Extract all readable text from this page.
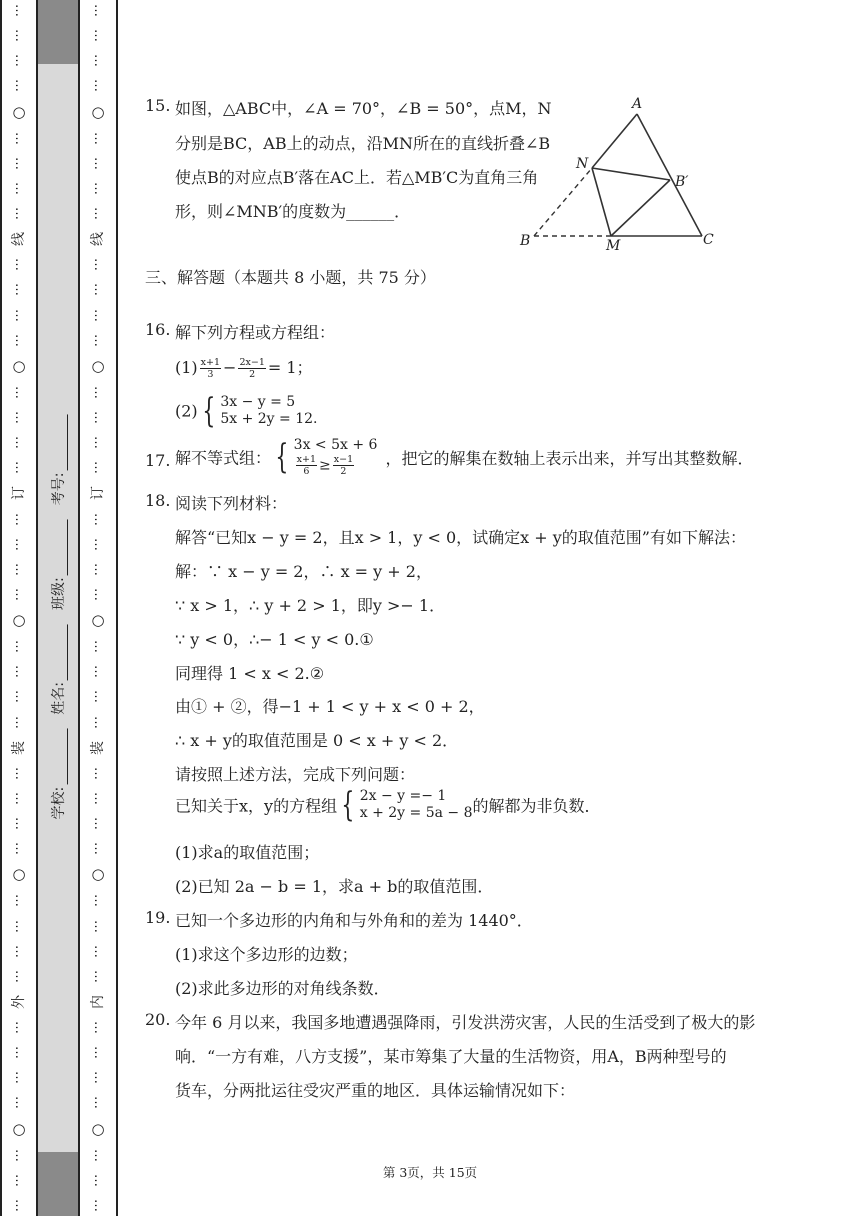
…
…
…
…
○
…
…
…
…
线
…
…
…
…
○
…
…
…
…
订
…
…
…
…
○
…
…
…
…
装
…
…
…
…
○
…
…
…
…
外
…
…
…
…
○
…
…
…
…
…
…
…
○
…
…
…
…
线
…
…
…
…
○
…
…
…
…
订
…
…
…
…
○
…
…
…
…
装
…
…
…
…
○
…
…
…
…
内
…
…
…
…
○
…
…
…
学校:姓名:班级:考号:
15. 如图，△ABC中，∠A = 70°，∠B = 50°，点M，N
分别是BC，AB上的动点，沿MN所在的直线折叠∠B
使点B的对应点B′落在AC上．若△MB′C为直角三角
形，则∠MNB′的度数为______．
A
N
B′
B	M	C
三、解答题（本题共 8 小题，共 75 分）
16. 解下列方程或方程组：
$(1) \frac{x+1}{3} - \frac{2x-1}{2} = 1$；
(2) { 3x − y = 5
5x + 2y = 12.
17. 解不等式组： { 3x < 5x + 6
$\frac{x+1}{6} \ge \frac{x-1}{2}$ ，把它的解集在数轴上表示出来，并写出其整数解．
18. 阅读下列材料：
解答“已知x − y = 2，且x > 1，y < 0，试确定x + y的取值范围”有如下解法：
解：∵ x − y = 2，∴ x = y + 2，
∵ x > 1，∴ y + 2 > 1，即y >− 1．
∵ y < 0，∴− 1 < y < 0.①
同理得 1 < x < 2.②
由① + ②，得−1 + 1 < y + x < 0 + 2，
∴ x + y的取值范围是 0 < x + y < 2．
请按照上述方法，完成下列问题：
已知关于x，y的方程组 { 2x − y =− 1
x + 2y = 5a − 8 的解都为非负数．
(1)求a的取值范围；
(2)已知 2a − b = 1，求a + b的取值范围．
19. 已知一个多边形的内角和与外角和的差为 1440°．
(1)求这个多边形的边数；
(2)求此多边形的对角线条数．
20. 今年 6 月以来，我国多地遭遇强降雨，引发洪涝灾害，人民的生活受到了极大的影
响．“一方有难，八方支援”，某市筹集了大量的生活物资，用A，B两种型号的
货车，分两批运往受灾严重的地区．具体运输情况如下：
第 3页，共 15页
